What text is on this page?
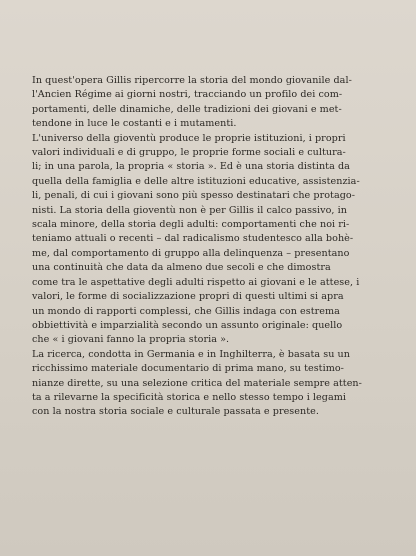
In quest'opera Gillis ripercorre la storia del mondo giovanile dal-
l'Ancien Régime ai giorni nostri, tracciando un profilo dei com-
portamenti, delle dinamiche, delle tradizioni dei giovani e met-
tendone in luce le costanti e i mutamenti.

L'universo della gioventù produce le proprie istituzioni, i propri
valori individuali e di gruppo, le proprie forme sociali e cultura-
li; in una parola, la propria « storia ». Ed è una storia distinta da
quella della famiglia e delle altre istituzioni educative, assistenzia-
li, penali, di cui i giovani sono più spesso destinatari che protago-
nisti. La storia della gioventù non è per Gillis il calco passivo, in
scala minore, della storia degli adulti: comportamenti che noi ri-
teniamo attuali o recenti – dal radicalismo studentesco alla bohè-
me, dal comportamento di gruppo alla delinquenza – presentano
una continuità che data da almeno due secoli e che dimostra
come tra le aspettative degli adulti rispetto ai giovani e le attese, i
valori, le forme di socializzazione propri di questi ultimi si apra
un mondo di rapporti complessi, che Gillis indaga con estrema
obbiettività e imparzialità secondo un assunto originale: quello
che « i giovani fanno la propria storia ».

La ricerca, condotta in Germania e in Inghilterra, è basata su un
ricchissimo materiale documentario di prima mano, su testimo-
nianze dirette, su una selezione critica del materiale sempre atten-
ta a rilevarne la specificità storica e nello stesso tempo i legami
con la nostra storia sociale e culturale passata e presente.
